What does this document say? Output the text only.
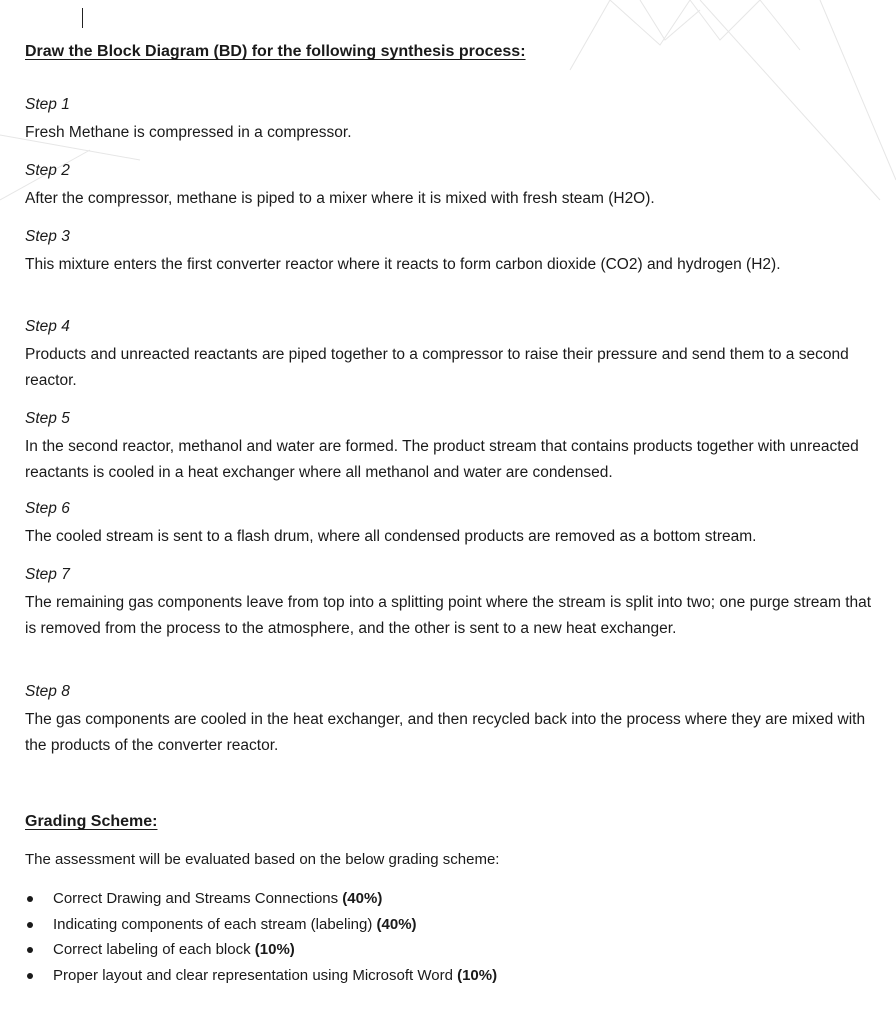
Draw the Block Diagram (BD) for the following synthesis process:
Step 1
Fresh Methane is compressed in a compressor.
Step 2
After the compressor, methane is piped to a mixer where it is mixed with fresh steam (H2O).
Step 3
This mixture enters the first converter reactor where it reacts to form carbon dioxide (CO2) and hydrogen (H2).
Step 4
Products and unreacted reactants are piped together to a compressor to raise their pressure and send them to a second reactor.
Step 5
In the second reactor, methanol and water are formed. The product stream that contains products together with unreacted reactants is cooled in a heat exchanger where all methanol and water are condensed.
Step 6
The cooled stream is sent to a flash drum, where all condensed products are removed as a bottom stream.
Step 7
The remaining gas components leave from top into a splitting point where the stream is split into two; one purge stream that is removed from the process to the atmosphere, and the other is sent to a new heat exchanger.
Step 8
The gas components are cooled in the heat exchanger, and then recycled back into the process where they are mixed with the products of the converter reactor.
Grading Scheme:
The assessment will be evaluated based on the below grading scheme:
Correct Drawing and Streams Connections (40%)
Indicating components of each stream (labeling) (40%)
Correct labeling of each block (10%)
Proper layout and clear representation using Microsoft Word (10%)
